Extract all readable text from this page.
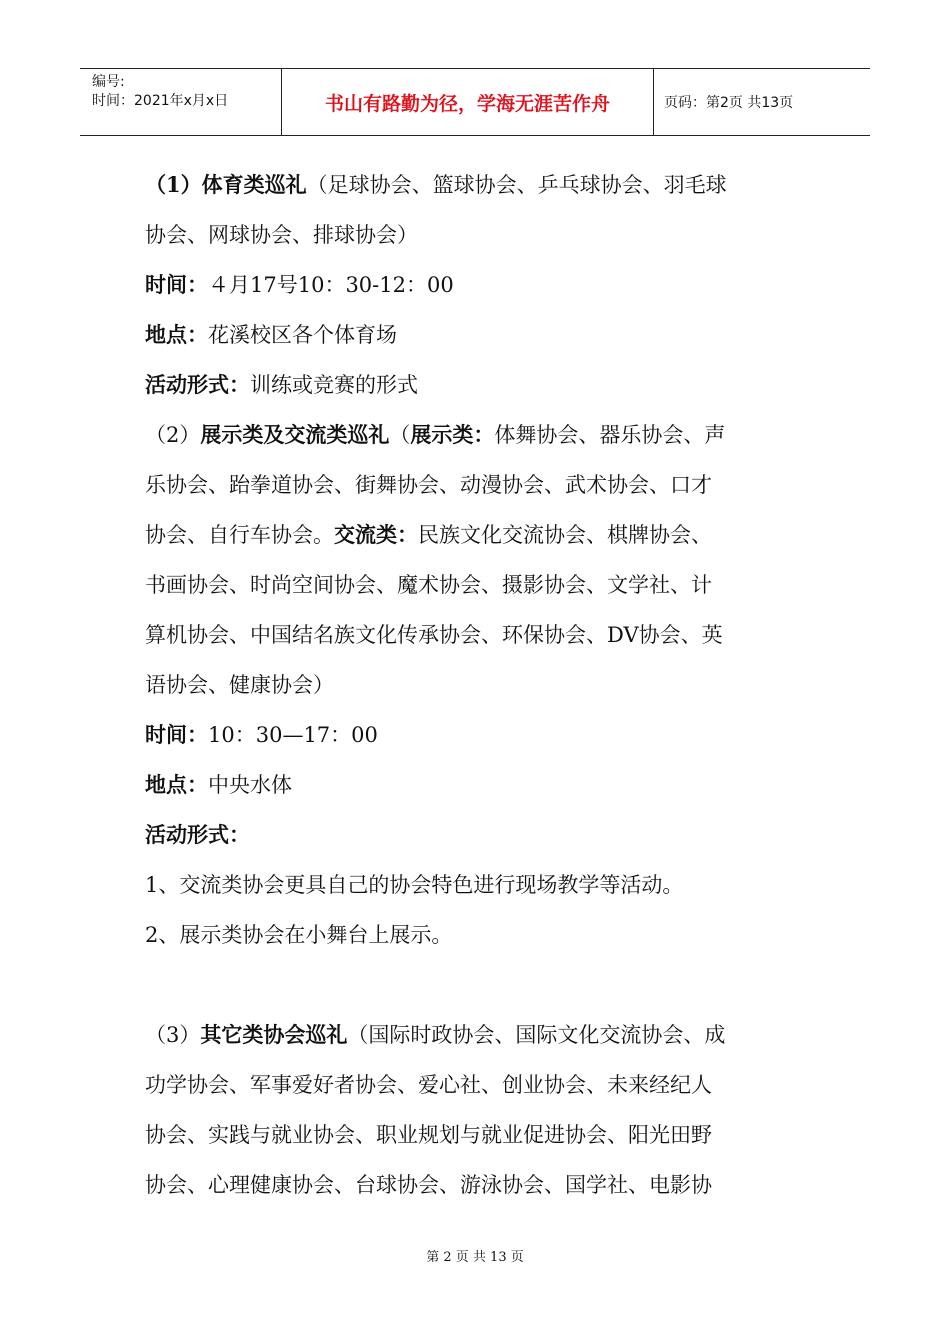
编号:
时间：2021年x月x日	书山有路勤为径，学海无涯苦作舟	页码：第2页 共13页

（1）体育类巡礼（足球协会、篮球协会、乒乓球协会、羽毛球

协会、网球协会、排球协会）

时间：４月17号10：30-12：00

地点：花溪校区各个体育场

活动形式：训练或竞赛的形式

（2）展示类及交流类巡礼（展示类：体舞协会、器乐协会、声

乐协会、跆拳道协会、街舞协会、动漫协会、武术协会、口才

协会、自行车协会。交流类：民族文化交流协会、棋牌协会、

书画协会、时尚空间协会、魔术协会、摄影协会、文学社、计

算机协会、中国结名族文化传承协会、环保协会、DV协会、英

语协会、健康协会）

时间：10：30—17：00

地点：中央水体

活动形式：

1、交流类协会更具自己的协会特色进行现场教学等活动。

2、展示类协会在小舞台上展示。

（3）其它类协会巡礼（国际时政协会、国际文化交流协会、成

功学协会、军事爱好者协会、爱心社、创业协会、未来经纪人

协会、实践与就业协会、职业规划与就业促进协会、阳光田野

协会、心理健康协会、台球协会、游泳协会、国学社、电影协

第 2 页 共 13 页
